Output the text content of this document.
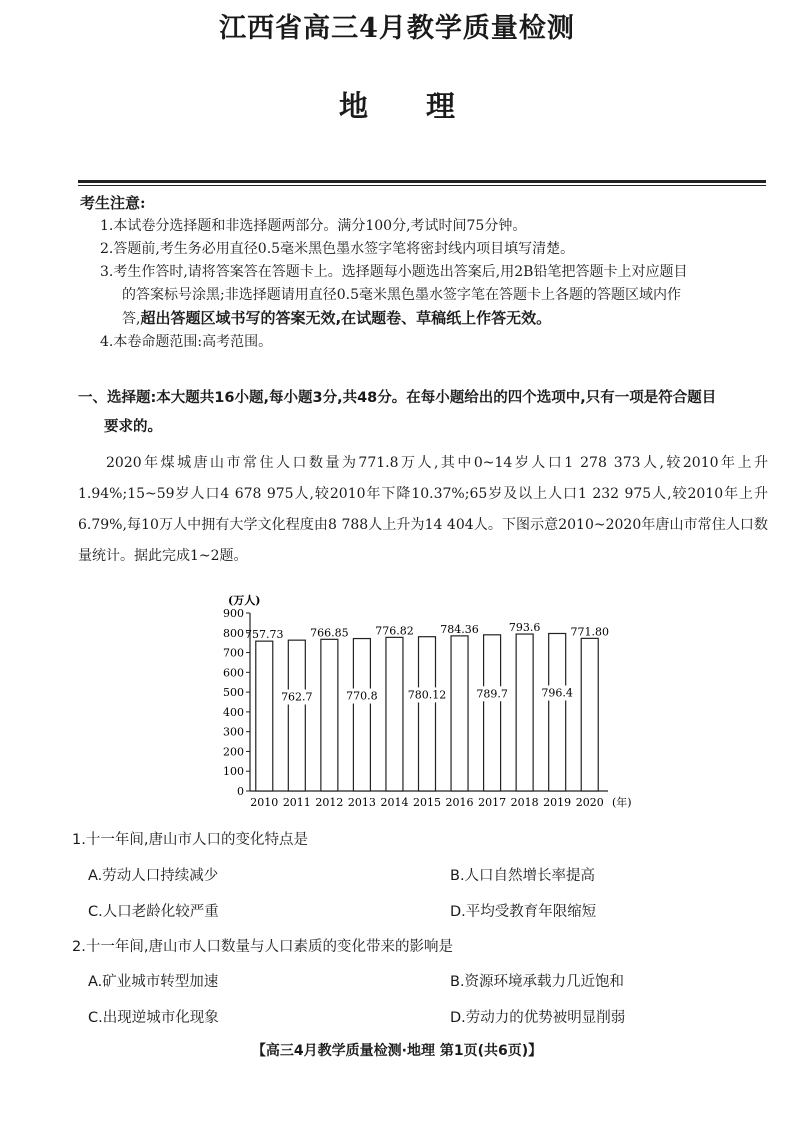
江西省高三4月教学质量检测
地理
考生注意:

1.本试卷分选择题和非选择题两部分。满分100分,考试时间75分钟。

2.答题前,考生务必用直径0.5毫米黑色墨水签字笔将密封线内项目填写清楚。

3.考生作答时,请将答案答在答题卡上。选择题每小题选出答案后,用2B铅笔把答题卡上对应题目

的答案标号涂黑;非选择题请用直径0.5毫米黑色墨水签字笔在答题卡上各题的答题区域内作

答,超出答题区域书写的答案无效,在试题卷、草稿纸上作答无效。

4.本卷命题范围:高考范围。

一、选择题:本大题共16小题,每小题3分,共48分。在每小题给出的四个选项中,只有一项是符合题目
要求的。
2020年煤城唐山市常住人口数量为771.8万人,其中0~14岁人口1 278 373人,较2010年上升1.94%;15~59岁人口4 678 975人,较2010年下降10.37%;65岁及以上人口1 232 975人,较2010年上升6.79%,每10万人中拥有大学文化程度由8 788人上升为14 404人。下图示意2010~2020年唐山市常住人口数量统计。据此完成1~2题。
(万人)
0
100
200
300
400
500
600
700
800
900
757.73
2010
762.7
2011
766.85
2012
770.8
2013
776.82
2014
780.12
2015
784.36
2016
789.7
2017
793.6
2018
796.4
2019
771.80
2020 (年)
1.十一年间,唐山市人口的变化特点是
A.劳动人口持续减少	B.人口自然增长率提高
C.人口老龄化较严重	D.平均受教育年限缩短
2.十一年间,唐山市人口数量与人口素质的变化带来的影响是
A.矿业城市转型加速	B.资源环境承载力几近饱和
C.出现逆城市化现象	D.劳动力的优势被明显削弱
【高三4月教学质量检测·地理 第1页(共6页)】
